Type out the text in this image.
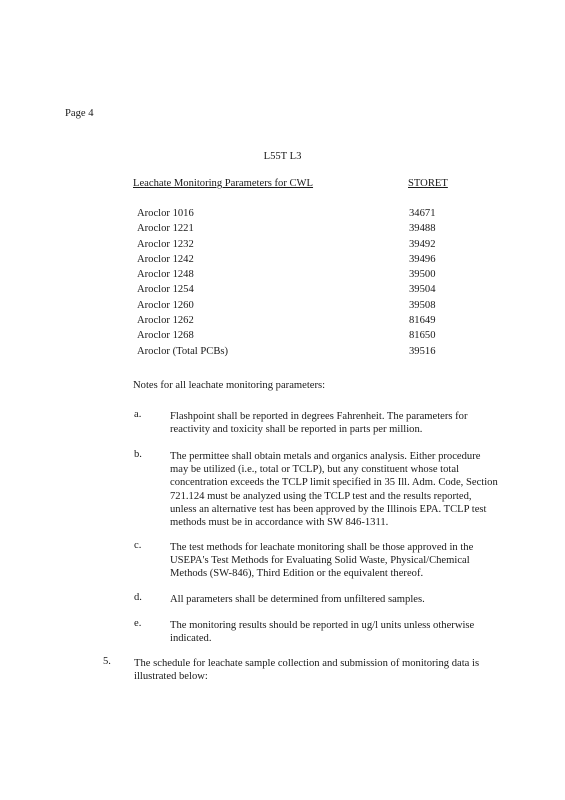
Page 4
L55T L3
Leachate Monitoring Parameters for CWL	STORET
Aroclor 1016	34671
Aroclor 1221	39488
Aroclor 1232	39492
Aroclor 1242	39496
Aroclor 1248	39500
Aroclor 1254	39504
Aroclor 1260	39508
Aroclor 1262	81649
Aroclor 1268	81650
Aroclor (Total PCBs)	39516
Notes for all leachate monitoring parameters:
a.	Flashpoint shall be reported in degrees Fahrenheit. The parameters for reactivity and toxicity shall be reported in parts per million.
b.	The permittee shall obtain metals and organics analysis. Either procedure may be utilized (i.e., total or TCLP), but any constituent whose total concentration exceeds the TCLP limit specified in 35 Ill. Adm. Code, Section 721.124 must be analyzed using the TCLP test and the results reported, unless an alternative test has been approved by the Illinois EPA. TCLP test methods must be in accordance with SW 846-1311.
c.	The test methods for leachate monitoring shall be those approved in the USEPA's Test Methods for Evaluating Solid Waste, Physical/Chemical Methods (SW-846), Third Edition or the equivalent thereof.
d.	All parameters shall be determined from unfiltered samples.
e.	The monitoring results should be reported in ug/l units unless otherwise indicated.
5. The schedule for leachate sample collection and submission of monitoring data is illustrated below:
